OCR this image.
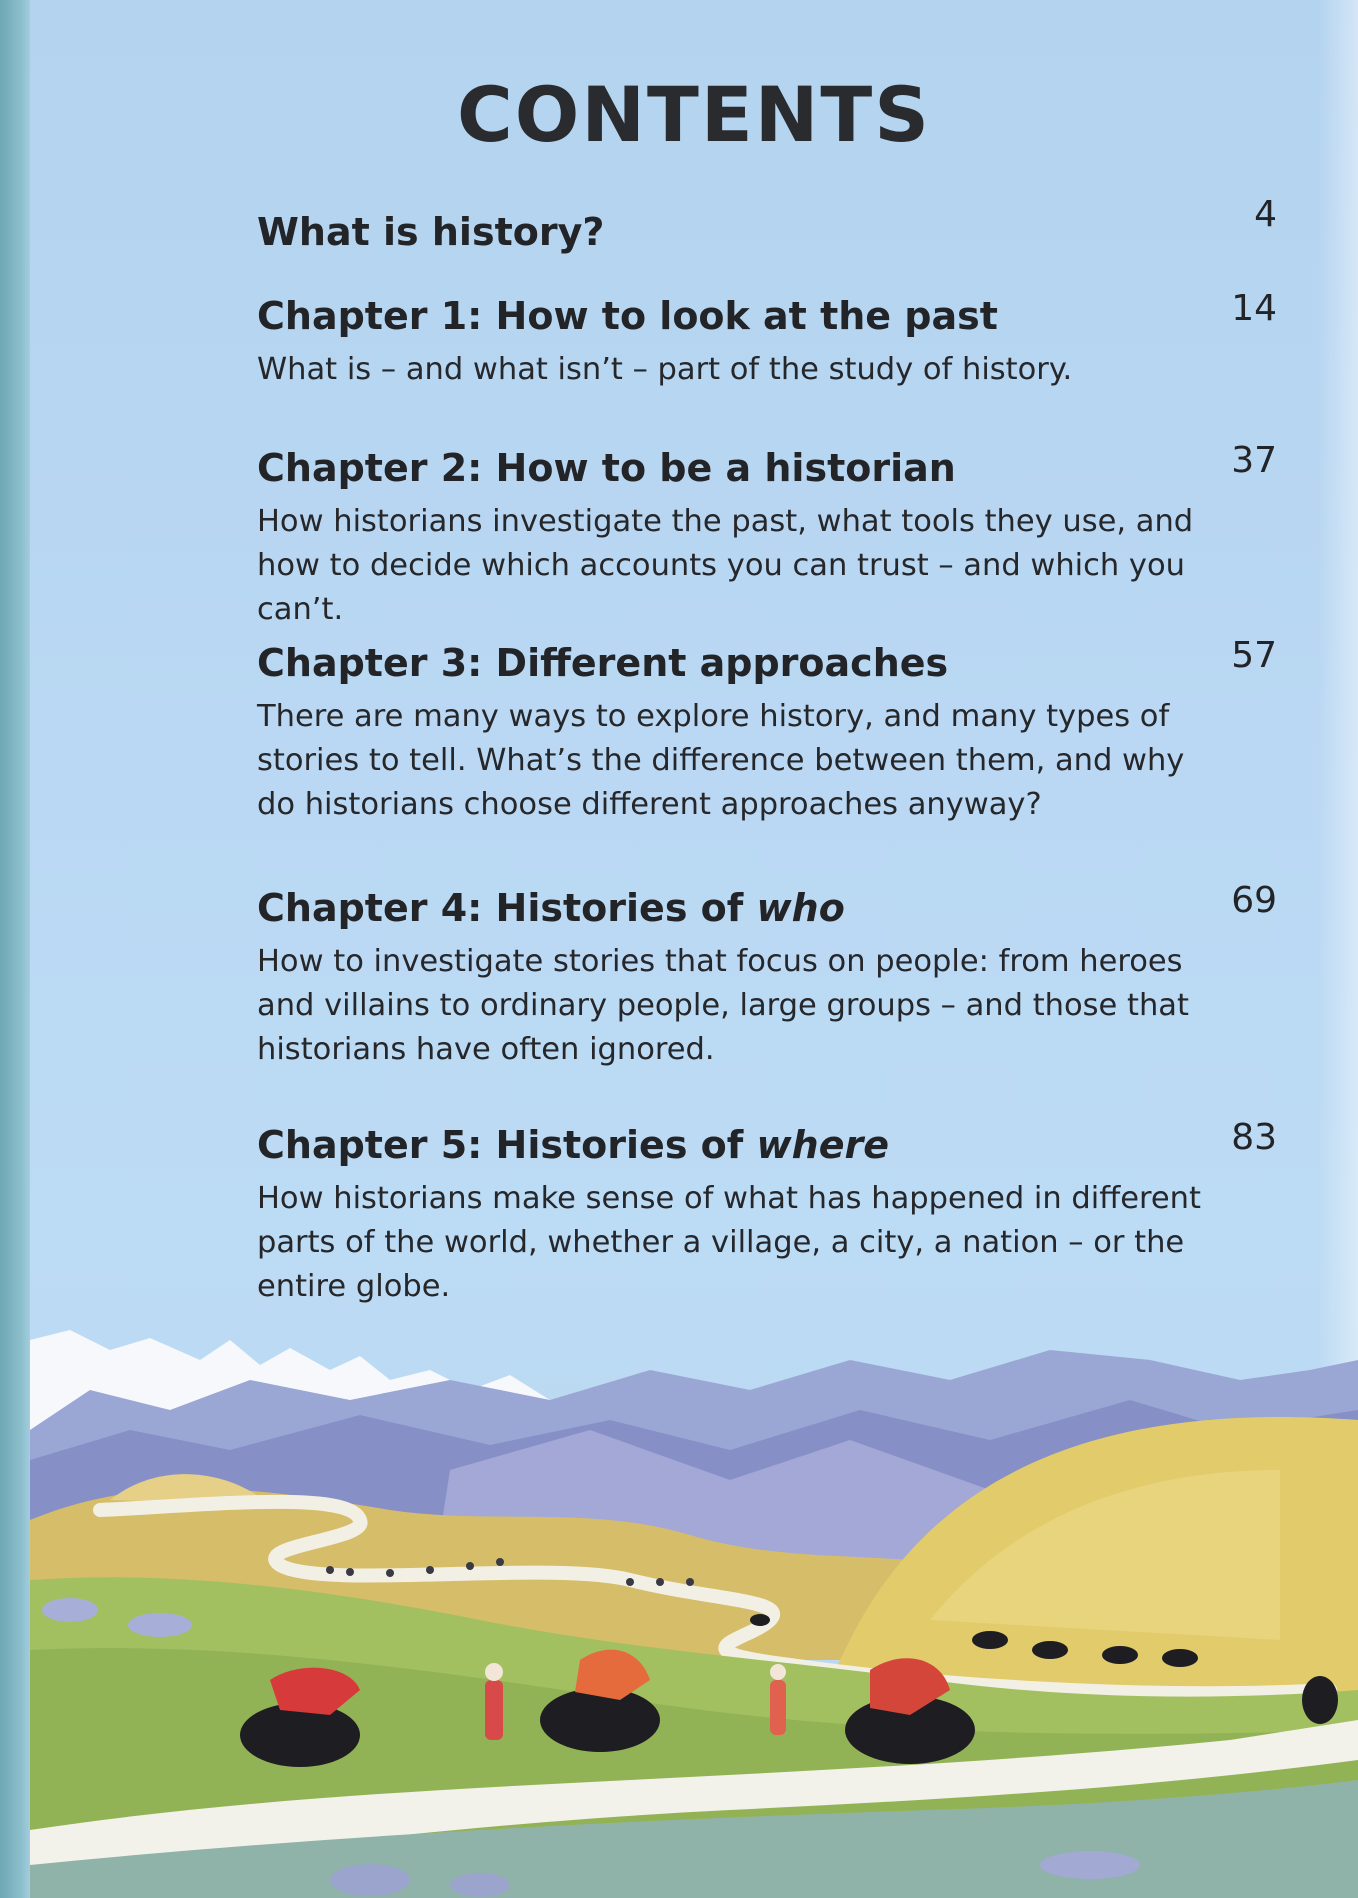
CONTENTS
What is history?	4
Chapter 1: How to look at the past	14
What is – and what isn’t – part of the study of history.
Chapter 2: How to be a historian	37
How historians investigate the past, what tools they use, and how to decide which accounts you can trust – and which you can’t.
Chapter 3: Different approaches	57
There are many ways to explore history, and many types of stories to tell. What’s the difference between them, and why do historians choose different approaches anyway?
Chapter 4: Histories of who	69
How to investigate stories that focus on people: from heroes and villains to ordinary people, large groups – and those that historians have often ignored.
Chapter 5: Histories of where	83
How historians make sense of what has happened in different parts of the world, whether a village, a city, a nation – or the entire globe.
